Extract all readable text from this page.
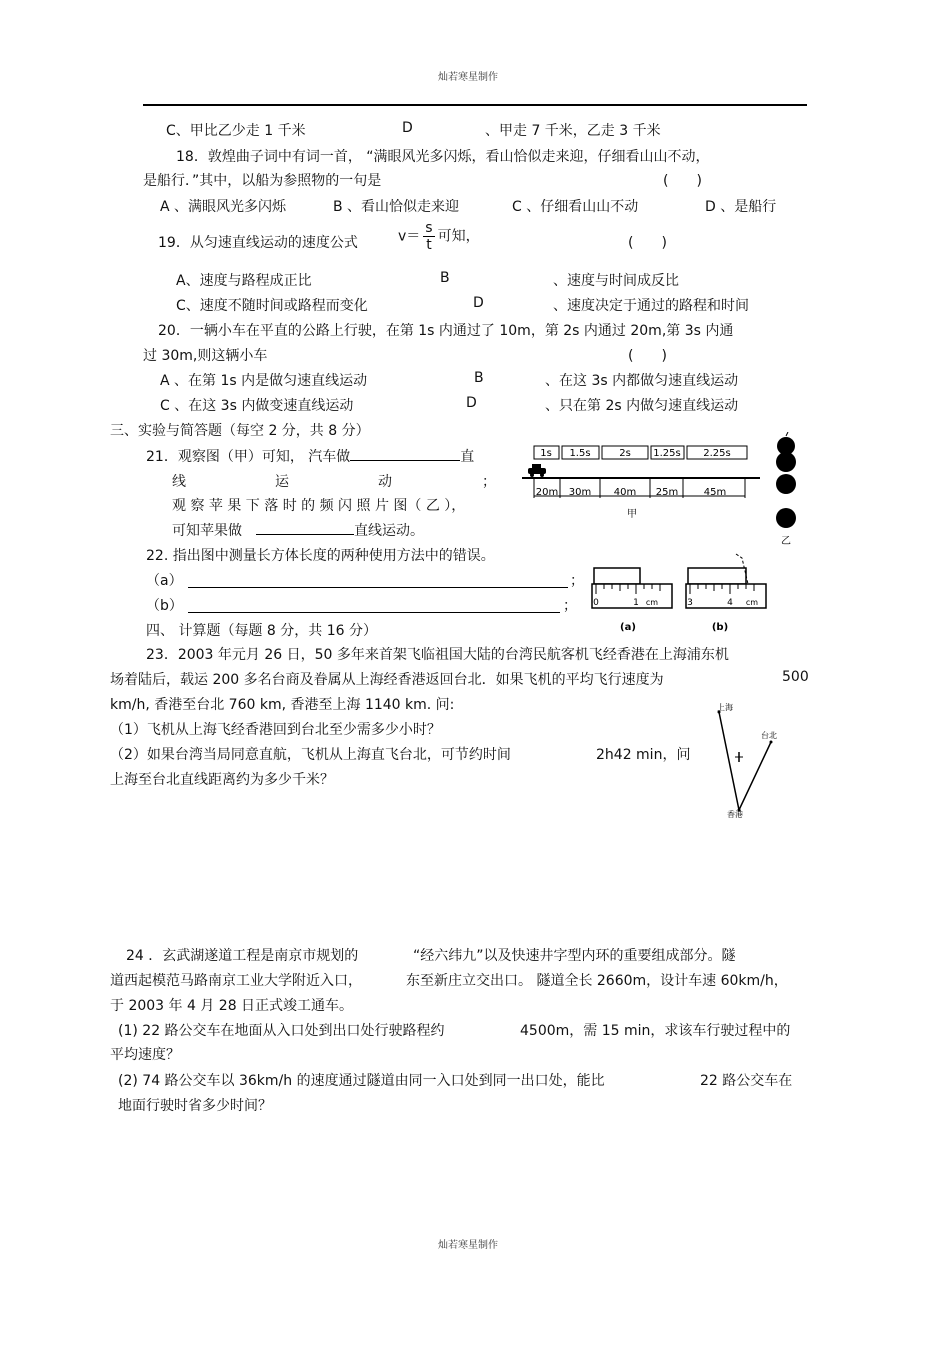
灿若寒星制作
C、甲比乙少走 1 千米	D	、甲走 7 千米，乙走 3 千米
18．敦煌曲子词中有词一首， “满眼风光多闪烁，看山恰似走来迎，仔细看山山不动，
是船行．”其中，以船为参照物的一句是	(　　)
A 、满眼风光多闪烁	B 、看山恰似走来迎	C 、仔细看山山不动	D 、是船行
19．从匀速直线运动的速度公式	$v= \frac{s}{t}$ 可知，	(　　)
A、速度与路程成正比	B	、速度与时间成反比
C、速度不随时间或路程而变化	D	、速度决定于通过的路程和时间
20．一辆小车在平直的公路上行驶，在第 1s 内通过了 10m，第 2s 内通过 20m,第 3s 内通
过 30m,则这辆小车	(　　)
A 、在第 1s 内是做匀速直线运动	B	、在这 3s 内都做匀速直线运动
C 、在这 3s 内做变速直线运动	D	、只在第 2s 内做匀速直线运动
三、实验与简答题（每空 2 分，共 8 分）
21．观察图（甲）可知， 汽车做	直
线	运	动	；
观 察 苹 果 下 落 时 的 频 闪 照 片 图（ 乙 ），
可知苹果做	直线运动。
1s 1.5s	2s 1.25s 2.25s
20m 30m 40m 25m	45m
甲
乙
22. 指出图中测量长方体长度的两种使用方法中的错误。
（a）	；
（b）	； 0	1 cm
(a)
3	4 cm
(b)
四、 计算题（每题 8 分，共 16 分）
23．2003 年元月 26 日，50 多年来首架飞临祖国大陆的台湾民航客机飞经香港在上海浦东机
场着陆后，载运 200 多名台商及眷属从上海经香港返回台北．如果飞机的平均飞行速度为	500
km/h, 香港至台北 760 km, 香港至上海 1140 km. 问:
（1）飞机从上海飞经香港回到台北至少需多少小时？
（2）如果台湾当局同意直航，飞机从上海直飞台北，可节约时间	2h42 min，问
上海至台北直线距离约为多少千米？
上海
台北
香港
N
24 ．玄武湖遂道工程是南京市规划的	“经六纬九”以及快速井字型内环的重要组成部分。隧
道西起模范马路南京工业大学附近入口，	东至新庄立交出口。 隧道全长 2660m，设计车速 60km/h，
于 2003 年 4 月 28 日正式竣工通车。
(1) 22 路公交车在地面从入口处到出口处行驶路程约	4500m，需 15 min，求该车行驶过程中的
平均速度？
(2) 74 路公交车以 36km/h 的速度通过隧道由同一入口处到同一出口处，能比	22 路公交车在
地面行驶时省多少时间？
灿若寒星制作
